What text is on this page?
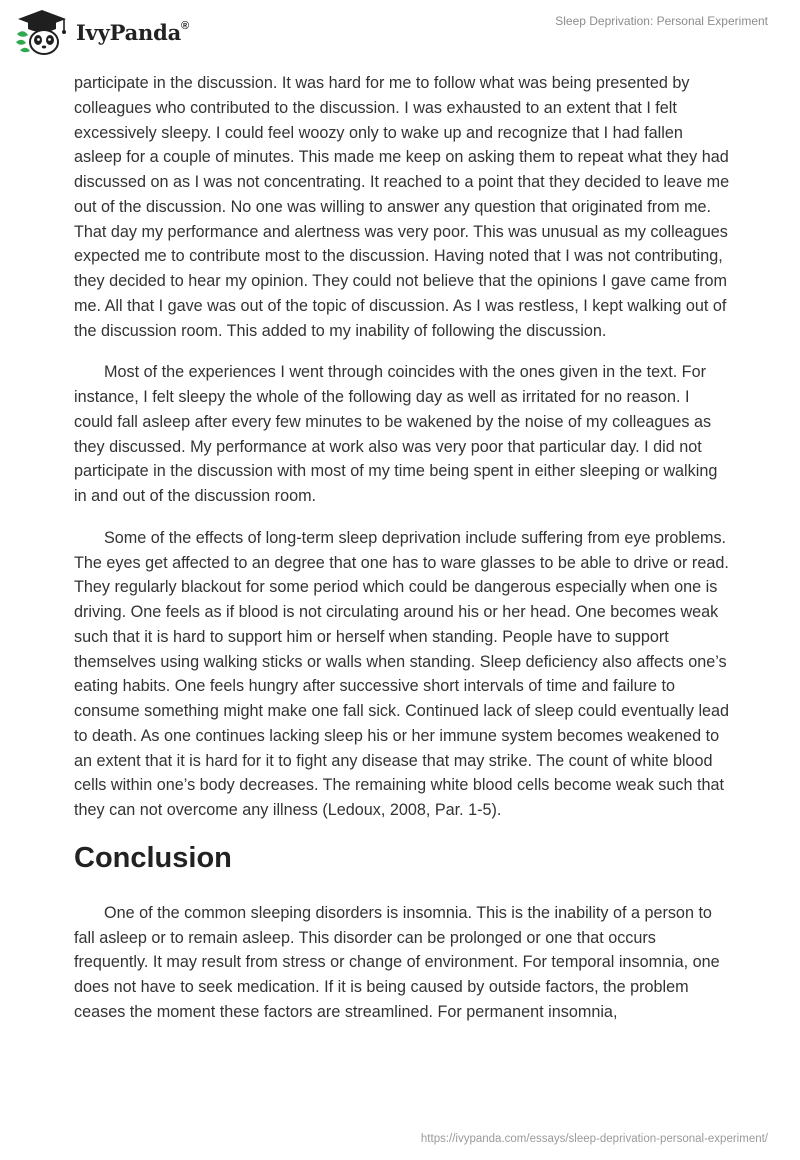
IvyPanda®	Sleep Deprivation: Personal Experiment

participate in the discussion. It was hard for me to follow what was being presented by colleagues who contributed to the discussion. I was exhausted to an extent that I felt excessively sleepy. I could feel woozy only to wake up and recognize that I had fallen asleep for a couple of minutes. This made me keep on asking them to repeat what they had discussed on as I was not concentrating. It reached to a point that they decided to leave me out of the discussion. No one was willing to answer any question that originated from me. That day my performance and alertness was very poor. This was unusual as my colleagues expected me to contribute most to the discussion. Having noted that I was not contributing, they decided to hear my opinion. They could not believe that the opinions I gave came from me. All that I gave was out of the topic of discussion. As I was restless, I kept walking out of the discussion room. This added to my inability of following the discussion.

Most of the experiences I went through coincides with the ones given in the text. For instance, I felt sleepy the whole of the following day as well as irritated for no reason. I could fall asleep after every few minutes to be wakened by the noise of my colleagues as they discussed. My performance at work also was very poor that particular day. I did not participate in the discussion with most of my time being spent in either sleeping or walking in and out of the discussion room.

Some of the effects of long-term sleep deprivation include suffering from eye problems. The eyes get affected to an degree that one has to ware glasses to be able to drive or read. They regularly blackout for some period which could be dangerous especially when one is driving. One feels as if blood is not circulating around his or her head. One becomes weak such that it is hard to support him or herself when standing. People have to support themselves using walking sticks or walls when standing. Sleep deficiency also affects one’s eating habits. One feels hungry after successive short intervals of time and failure to consume something might make one fall sick. Continued lack of sleep could eventually lead to death. As one continues lacking sleep his or her immune system becomes weakened to an extent that it is hard for it to fight any disease that may strike. The count of white blood cells within one’s body decreases. The remaining white blood cells become weak such that they can not overcome any illness (Ledoux, 2008, Par. 1-5).

Conclusion

One of the common sleeping disorders is insomnia. This is the inability of a person to fall asleep or to remain asleep. This disorder can be prolonged or one that occurs frequently. It may result from stress or change of environment. For temporal insomnia, one does not have to seek medication. If it is being caused by outside factors, the problem ceases the moment these factors are streamlined. For permanent insomnia,

https://ivypanda.com/essays/sleep-deprivation-personal-experiment/
